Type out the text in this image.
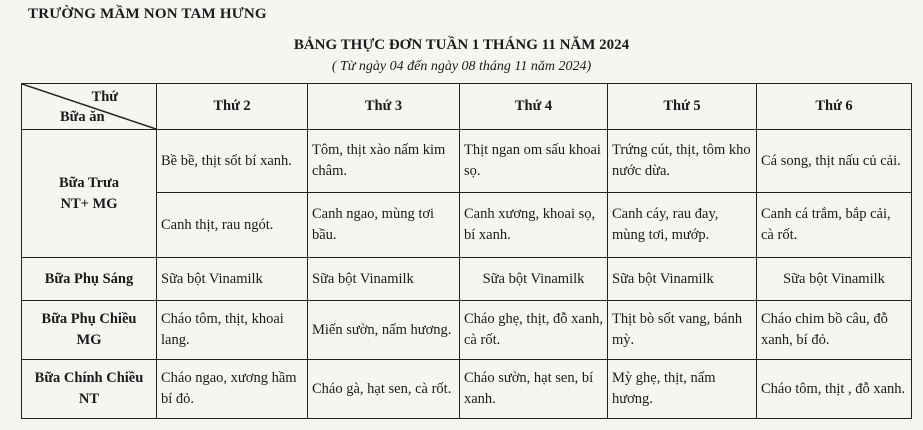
TRƯỜNG MẦM NON TAM HƯNG
BẢNG THỰC ĐƠN TUẦN 1 THÁNG 11 NĂM 2024
( Từ ngày 04 đến ngày 08 tháng 11 năm 2024)
Thứ
Bữa ăn	Thứ 2	Thứ 3	Thứ 4	Thứ 5	Thứ 6
Bữa Trưa
NT+ MG	Bề bề, thịt sốt bí xanh.	Tôm, thịt xào nấm kim châm.	Thịt ngan om sấu khoai sọ.	Trứng cút, thịt, tôm kho nước dừa.	Cá song, thịt nấu củ cải.
	Canh thịt, rau ngót.	Canh ngao, mùng tơi bầu.	Canh xương, khoai sọ, bí xanh.	Canh cáy, rau đay, mùng tơi, mướp.	Canh cá trắm, bắp cải, cà rốt.
Bữa Phụ Sáng	Sữa bột Vinamilk	Sữa bột Vinamilk	Sữa bột Vinamilk	Sữa bột Vinamilk	Sữa bột Vinamilk
Bữa Phụ Chiều
MG	Cháo tôm, thịt, khoai lang.	Miến sườn, nấm hương.	Cháo ghẹ, thịt, đỗ xanh, cà rốt.	Thịt bò sốt vang, bánh mỳ.	Cháo chim bồ câu, đỗ xanh, bí đỏ.
Bữa Chính Chiều
NT	Cháo ngao, xương hầm bí đỏ.	Cháo gà, hạt sen, cà rốt.	Cháo sườn, hạt sen, bí xanh.	Mỳ ghẹ, thịt, nấm hương.	Cháo tôm, thịt , đỗ xanh.
